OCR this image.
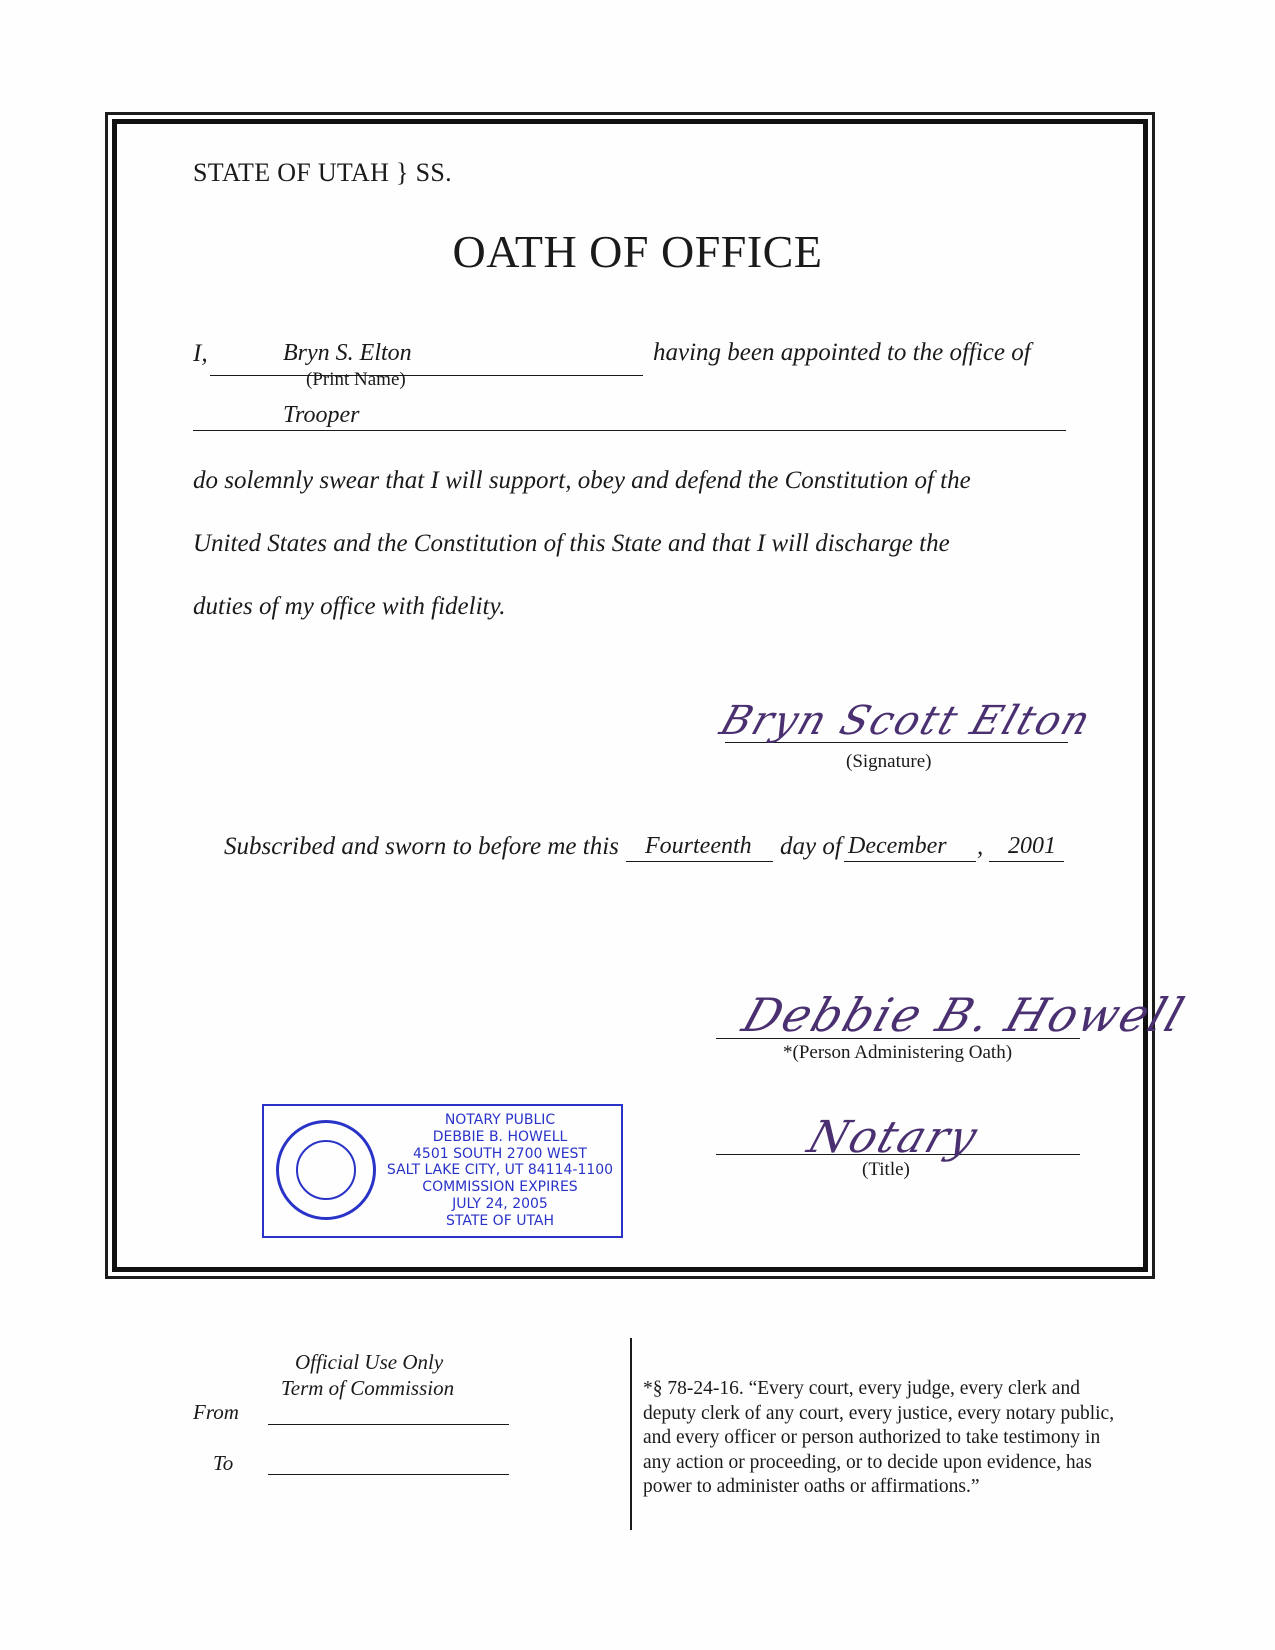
STATE OF UTAH } SS.
OATH OF OFFICE
I,	Bryn S. Elton
(Print Name)
having been appointed to the office of
Trooper
do solemnly swear that I will support, obey and defend the Constitution of the
United States and the Constitution of this State and that I will discharge the
duties of my office with fidelity.
Bryn Scott Elton
(Signature)
Subscribed and sworn to before me this Fourteenth day of December , 2001
Debbie B. Howell
*(Person Administering Oath)
Notary
(Title)
NOTARY PUBLIC
DEBBIE B. HOWELL
4501 SOUTH 2700 WEST
SALT LAKE CITY, UT 84114-1100
COMMISSION EXPIRES
JULY 24, 2005
STATE OF UTAH
Official Use Only
Term of Commission
From
To
*§ 78-24-16. “Every court, every judge, every clerk and deputy clerk of any court, every justice, every notary public, and every officer or person authorized to take testimony in any action or proceeding, or to decide upon evidence, has power to administer oaths or affirmations.”
